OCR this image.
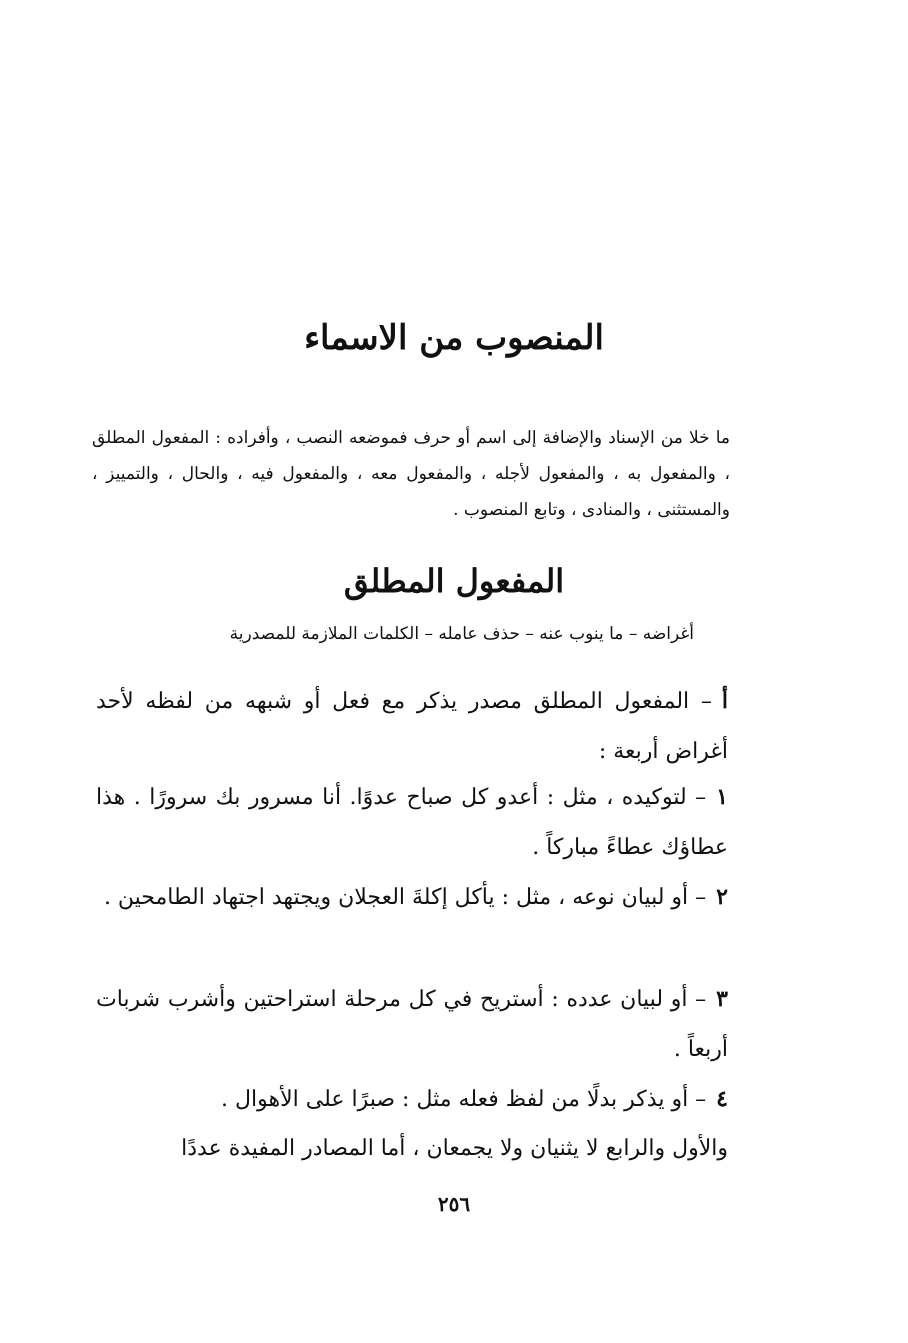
المنصوب من الاسماء

ما خلا من الإسناد والإضافة إلى اسم أو حرف فموضعه النصب ، وأفراده : المفعول المطلق ، والمفعول به ، والمفعول لأجله ، والمفعول معه ، والمفعول فيه ، والحال ، والتمييز ، والمستثنى ، والمنادى ، وتابع المنصوب .

المفعول المطلق
أغراضه – ما ينوب عنه – حذف عامله – الكلمات الملازمة للمصدرية

أ– المفعول المطلق مصدر يذكر مع فعل أو شبهه من لفظه لأحد أغراض أربعة :

١– لتوكيده ، مثل : أعدو كل صباح عدوًا. أنا مسرور بك سرورًا . هذا عطاؤك عطاءً مباركاً .

٢– أو لبيان نوعه ، مثل : يأكل إكلةَ العجلان ويجتهد اجتهاد الطامحين .

٣– أو لبيان عدده : أستريح في كل مرحلة استراحتين وأشرب شربات أربعاً .

٤– أو يذكر بدلًا من لفظ فعله مثل : صبرًا على الأهوال .

والأول والرابع لا يثنيان ولا يجمعان ، أما المصادر المفيدة عددًا

٢٥٦
